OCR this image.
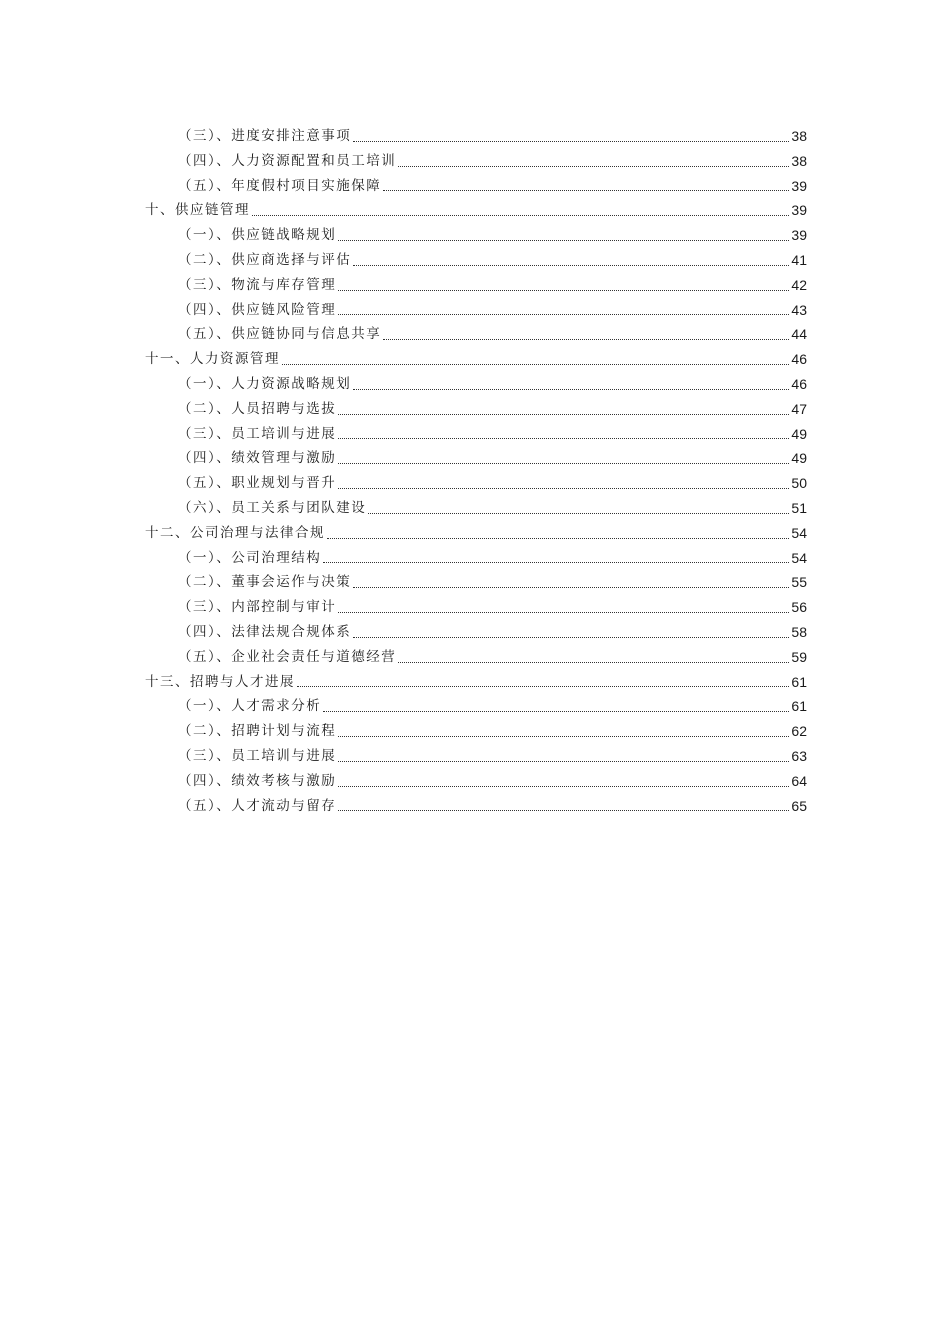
（三）、进度安排注意事项	38
（四）、人力资源配置和员工培训	38
（五）、年度假村项目实施保障	39
十、供应链管理	39
（一）、供应链战略规划	39
（二）、供应商选择与评估	41
（三）、物流与库存管理	42
（四）、供应链风险管理	43
（五）、供应链协同与信息共享	44
十一、人力资源管理	46
（一）、人力资源战略规划	46
（二）、人员招聘与选拔	47
（三）、员工培训与进展	49
（四）、绩效管理与激励	49
（五）、职业规划与晋升	50
（六）、员工关系与团队建设	51
十二、公司治理与法律合规	54
（一）、公司治理结构	54
（二）、董事会运作与决策	55
（三）、内部控制与审计	56
（四）、法律法规合规体系	58
（五）、企业社会责任与道德经营	59
十三、招聘与人才进展	61
（一）、人才需求分析	61
（二）、招聘计划与流程	62
（三）、员工培训与进展	63
（四）、绩效考核与激励	64
（五）、人才流动与留存	65
